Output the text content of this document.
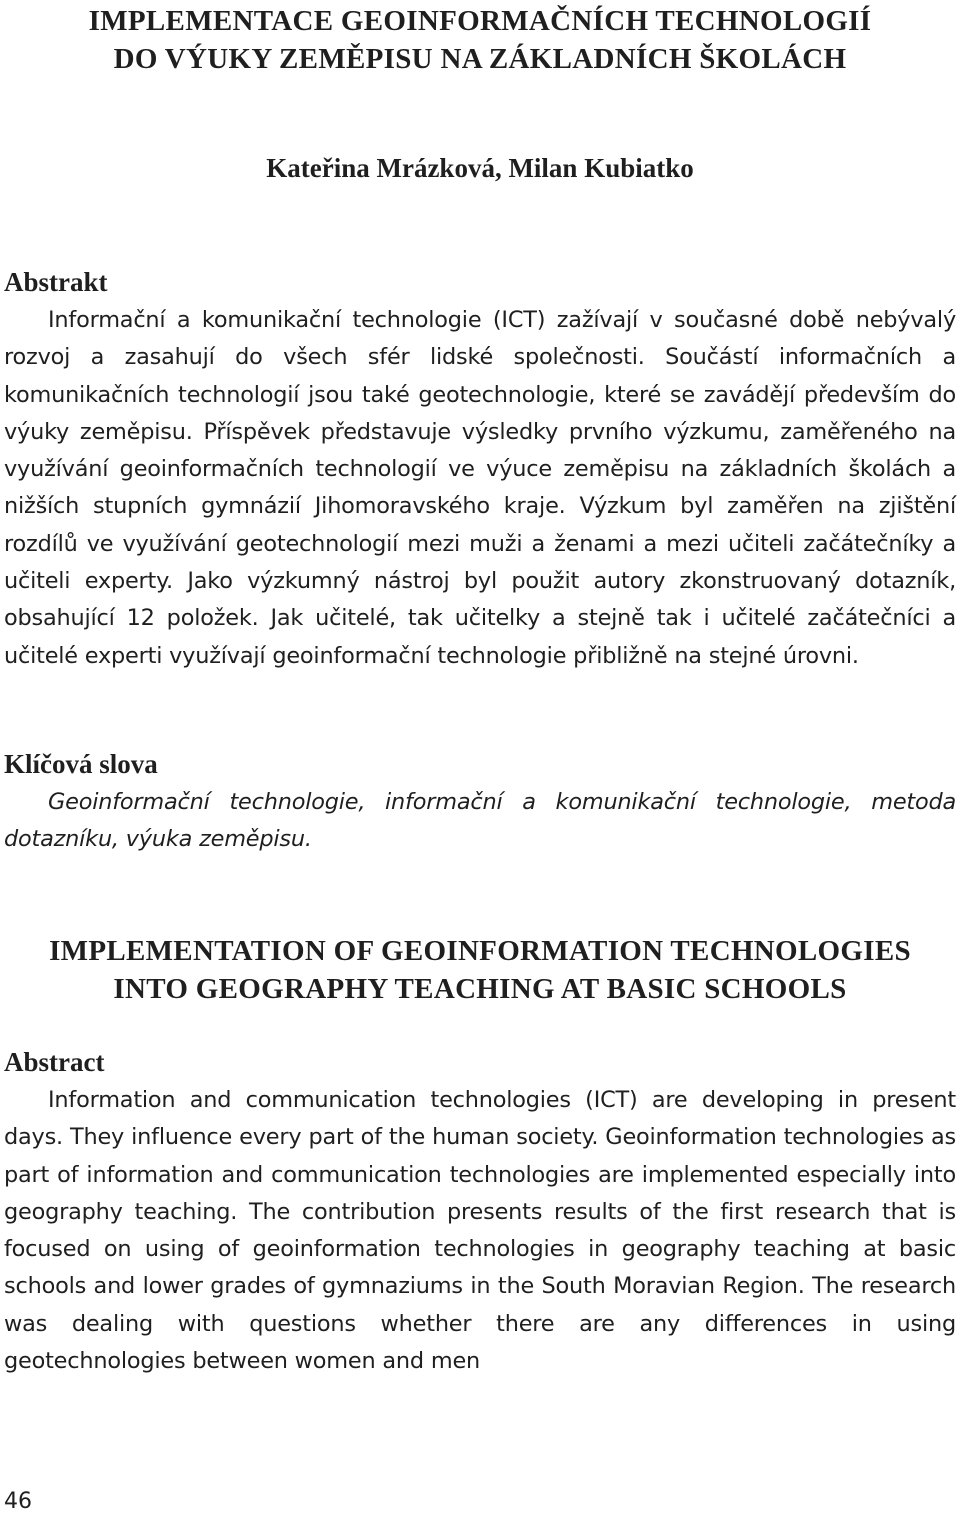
IMPLEMENTACE GEOINFORMAČNÍCH TECHNOLOGIÍ
DO VÝUKY ZEMĚPISU NA ZÁKLADNÍCH ŠKOLÁCH
Kateřina Mrázková, Milan Kubiatko
Abstrakt

Informační a komunikační technologie (ICT) zažívají v současné době nebývalý rozvoj a zasahují do všech sfér lidské společnosti. Součástí informačních a komunikačních technologií jsou také geotechnologie, které se zavádějí především do výuky zeměpisu. Příspěvek představuje výsledky prvního výzkumu, zaměřeného na využívání geoinformačních technologií ve výuce zeměpisu na základních školách a nižších stupních gymnázií Jihomoravského kraje. Výzkum byl zaměřen na zjištění rozdílů ve využívání geotechnologií mezi muži a ženami a mezi učiteli začátečníky a učiteli experty. Jako výzkumný nástroj byl použit autory zkonstruovaný dotazník, obsahující 12 položek. Jak učitelé, tak učitelky a stejně tak i učitelé začátečníci a učitelé experti využívají geoinformační technologie přibližně na stejné úrovni.

Klíčová slova

Geoinformační technologie, informační a komunikační technologie, metoda dotazníku, výuka zeměpisu.

IMPLEMENTATION OF GEOINFORMATION TECHNOLOGIES
INTO GEOGRAPHY TEACHING AT BASIC SCHOOLS
Abstract

Information and communication technologies (ICT) are developing in present days. They influence every part of the human society. Geoinformation technologies as part of information and communication technologies are implemented especially into geography teaching. The contribution presents results of the first research that is focused on using of geoinformation technologies in geography teaching at basic schools and lower grades of gymnaziums in the South Moravian Region. The research was dealing with questions whether there are any differences in using geotechnologies between women and men

46
